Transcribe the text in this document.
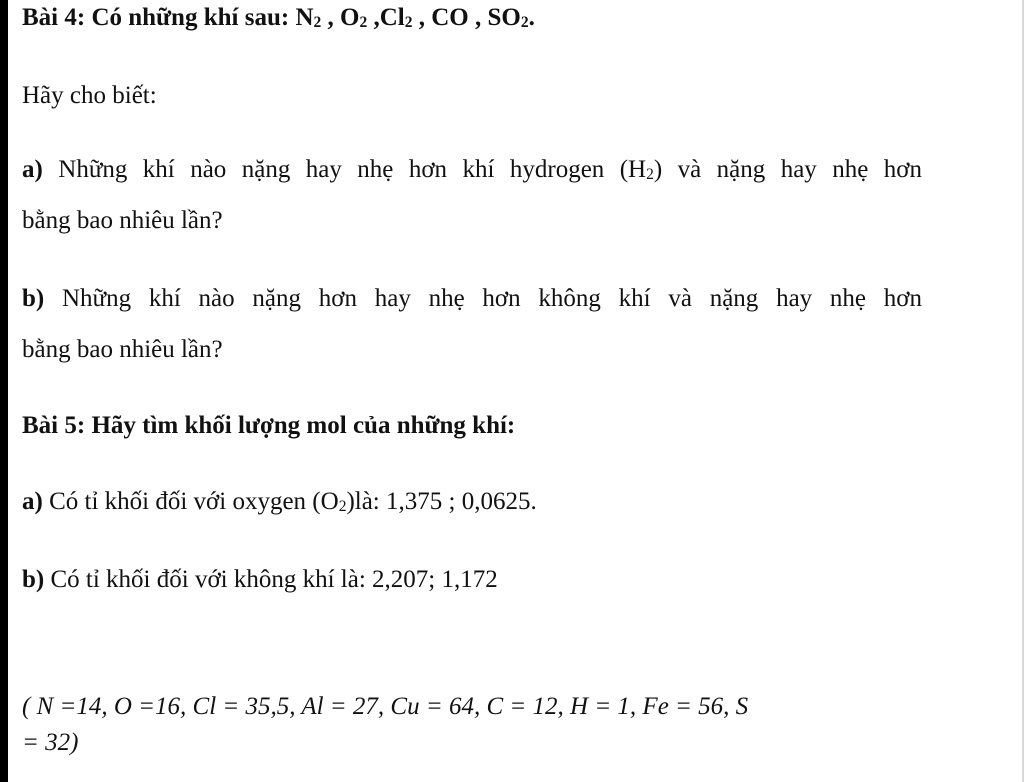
Bài 4: Có những khí sau: $N_2$ , $O_2$ $,Cl_2$ , CO , $SO_2$.
Hãy cho biết:
a) Những khí nào nặng hay nhẹ hơn khí hydrogen $(H_2)$ và nặng hay nhẹ hơn
bằng bao nhiêu lần?
b) Những khí nào nặng hơn hay nhẹ hơn không khí và nặng hay nhẹ hơn
bằng bao nhiêu lần?
Bài 5: Hãy tìm khối lượng mol của những khí:
a) Có tỉ khối đối với oxygen $(O_2)là$: 1,375 ; 0,0625.
b) Có tỉ khối đối với không khí là: 2,207; 1,172
( N =14, O =16, Cl = 35,5, Al = 27, Cu = 64, C = 12, H = 1, Fe = 56, S
= 32)
